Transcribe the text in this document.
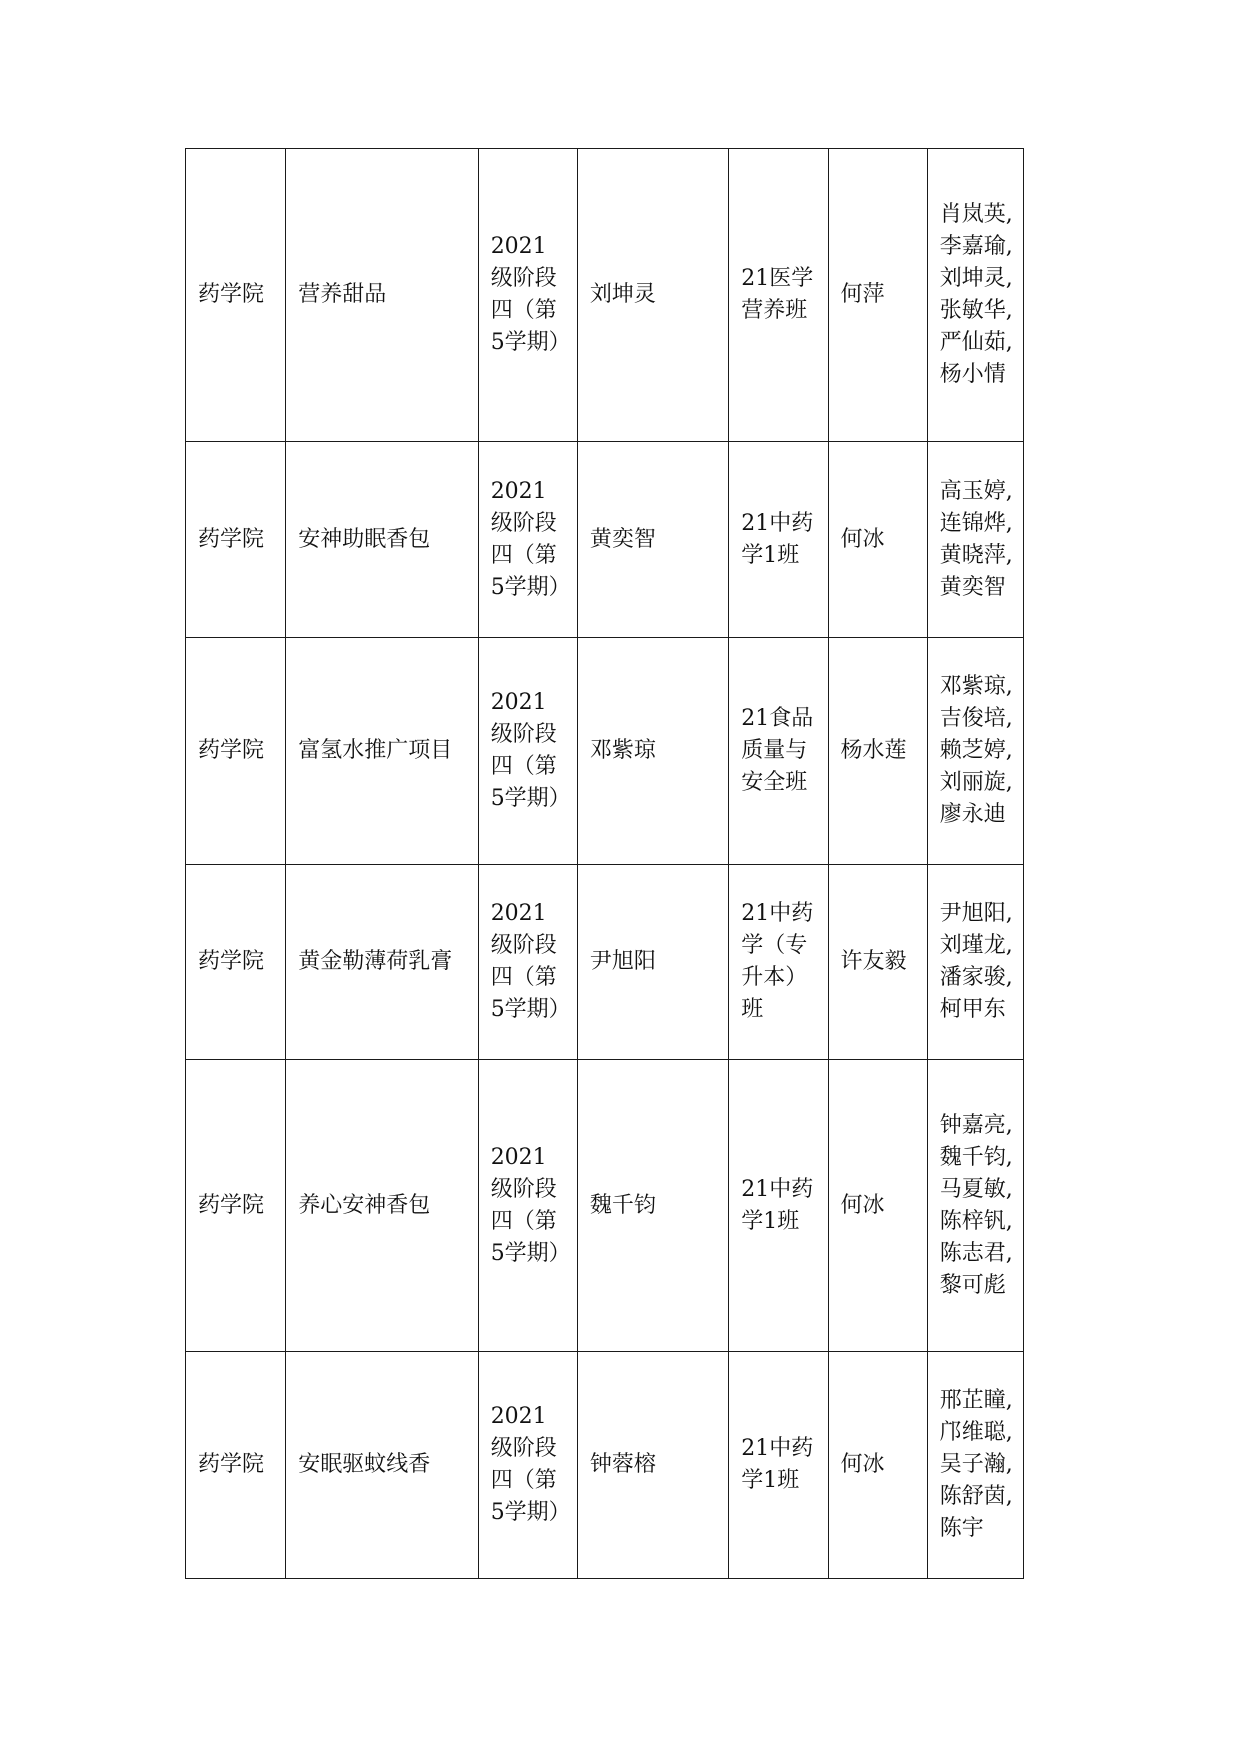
药学院	营养甜品	2021级阶段四（第5学期）	刘坤灵	21医学营养班	何萍	肖岚英,李嘉瑜,刘坤灵,张敏华,严仙茹,杨小情
药学院	安神助眠香包	2021级阶段四（第5学期）	黄奕智	21中药学1班	何冰	高玉婷,连锦烨,黄晓萍,黄奕智
药学院	富氢水推广项目	2021级阶段四（第5学期）	邓紫琼	21食品质量与安全班	杨水莲	邓紫琼,吉俊培,赖芝婷,刘丽旋,廖永迪
药学院	黄金勒薄荷乳膏	2021级阶段四（第5学期）	尹旭阳	21中药学（专升本）班	许友毅	尹旭阳,刘瑾龙,潘家骏,柯甲东
药学院	养心安神香包	2021级阶段四（第5学期）	魏千钧	21中药学1班	何冰	钟嘉亮,魏千钧,马夏敏,陈梓钒,陈志君,黎可彪
药学院	安眠驱蚊线香	2021级阶段四（第5学期）	钟蓉榕	21中药学1班	何冰	邢芷瞳,邝维聪,吴子瀚,陈舒茵,陈宇
